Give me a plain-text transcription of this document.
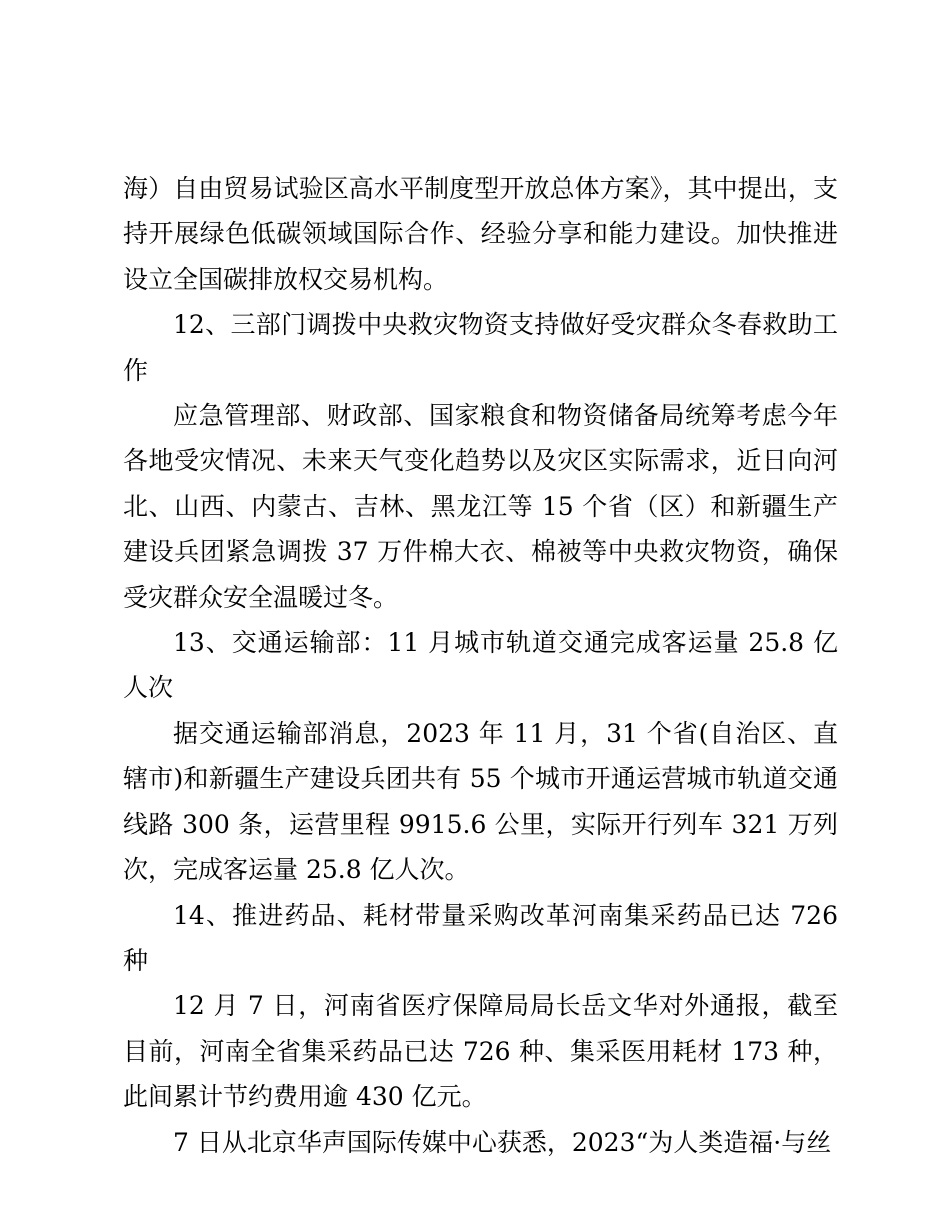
海）自由贸易试验区高水平制度型开放总体方案》，其中提出，支持开展绿色低碳领域国际合作、经验分享和能力建设。加快推进设立全国碳排放权交易机构。

12、三部门调拨中央救灾物资支持做好受灾群众冬春救助工作

应急管理部、财政部、国家粮食和物资储备局统筹考虑今年各地受灾情况、未来天气变化趋势以及灾区实际需求，近日向河北、山西、内蒙古、吉林、黑龙江等 15 个省（区）和新疆生产建设兵团紧急调拨 37 万件棉大衣、棉被等中央救灾物资，确保受灾群众安全温暖过冬。

13、交通运输部：11 月城市轨道交通完成客运量 25.8 亿人次

据交通运输部消息，2023 年 11 月，31 个省(自治区、直辖市)和新疆生产建设兵团共有 55 个城市开通运营城市轨道交通线路 300 条，运营里程 9915.6 公里，实际开行列车 321 万列次，完成客运量 25.8 亿人次。

14、推进药品、耗材带量采购改革河南集采药品已达 726 种

12 月 7 日，河南省医疗保障局局长岳文华对外通报，截至目前，河南全省集采药品已达 726 种、集采医用耗材 173 种，此间累计节约费用逾 430 亿元。

7 日从北京华声国际传媒中心获悉，2023“为人类造福·与丝
